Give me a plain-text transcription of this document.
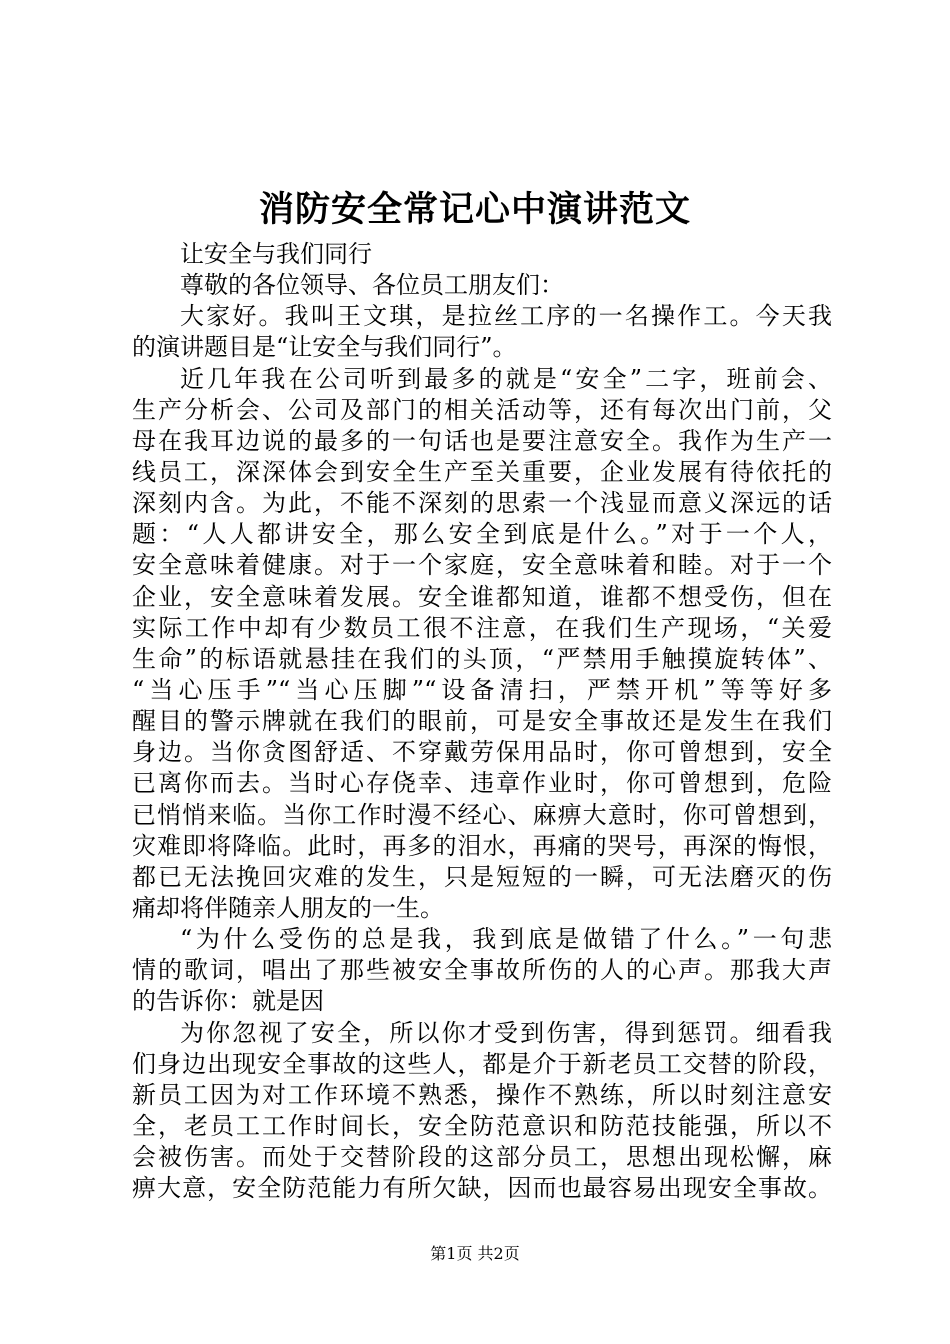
消防安全常记心中演讲范文
让安全与我们同行
尊敬的各位领导、各位员工朋友们：
大家好。我叫王文琪，是拉丝工序的一名操作工。今天我
的演讲题目是“让安全与我们同行”。
近几年我在公司听到最多的就是“安全”二字，班前会、
生产分析会、公司及部门的相关活动等，还有每次出门前，父
母在我耳边说的最多的一句话也是要注意安全。我作为生产一
线员工，深深体会到安全生产至关重要，企业发展有待依托的
深刻内含。为此，不能不深刻的思索一个浅显而意义深远的话
题：“人人都讲安全，那么安全到底是什么。”对于一个人，
安全意味着健康。对于一个家庭，安全意味着和睦。对于一个
企业，安全意味着发展。安全谁都知道，谁都不想受伤，但在
实际工作中却有少数员工很不注意，在我们生产现场，“关爱
生命”的标语就悬挂在我们的头顶，“严禁用手触摸旋转体”、
“当心压手”“当心压脚”“设备清扫，严禁开机”等等好多
醒目的警示牌就在我们的眼前，可是安全事故还是发生在我们
身边。当你贪图舒适、不穿戴劳保用品时，你可曾想到，安全
已离你而去。当时心存侥幸、违章作业时，你可曾想到，危险
已悄悄来临。当你工作时漫不经心、麻痹大意时，你可曾想到，
灾难即将降临。此时，再多的泪水，再痛的哭号，再深的悔恨，
都已无法挽回灾难的发生，只是短短的一瞬，可无法磨灭的伤
痛却将伴随亲人朋友的一生。
“为什么受伤的总是我，我到底是做错了什么。”一句悲
情的歌词，唱出了那些被安全事故所伤的人的心声。那我大声
的告诉你：就是因
为你忽视了安全，所以你才受到伤害，得到惩罚。细看我
们身边出现安全事故的这些人，都是介于新老员工交替的阶段，
新员工因为对工作环境不熟悉，操作不熟练，所以时刻注意安
全，老员工工作时间长，安全防范意识和防范技能强，所以不
会被伤害。而处于交替阶段的这部分员工，思想出现松懈，麻
痹大意，安全防范能力有所欠缺，因而也最容易出现安全事故。
第1页 共2页
